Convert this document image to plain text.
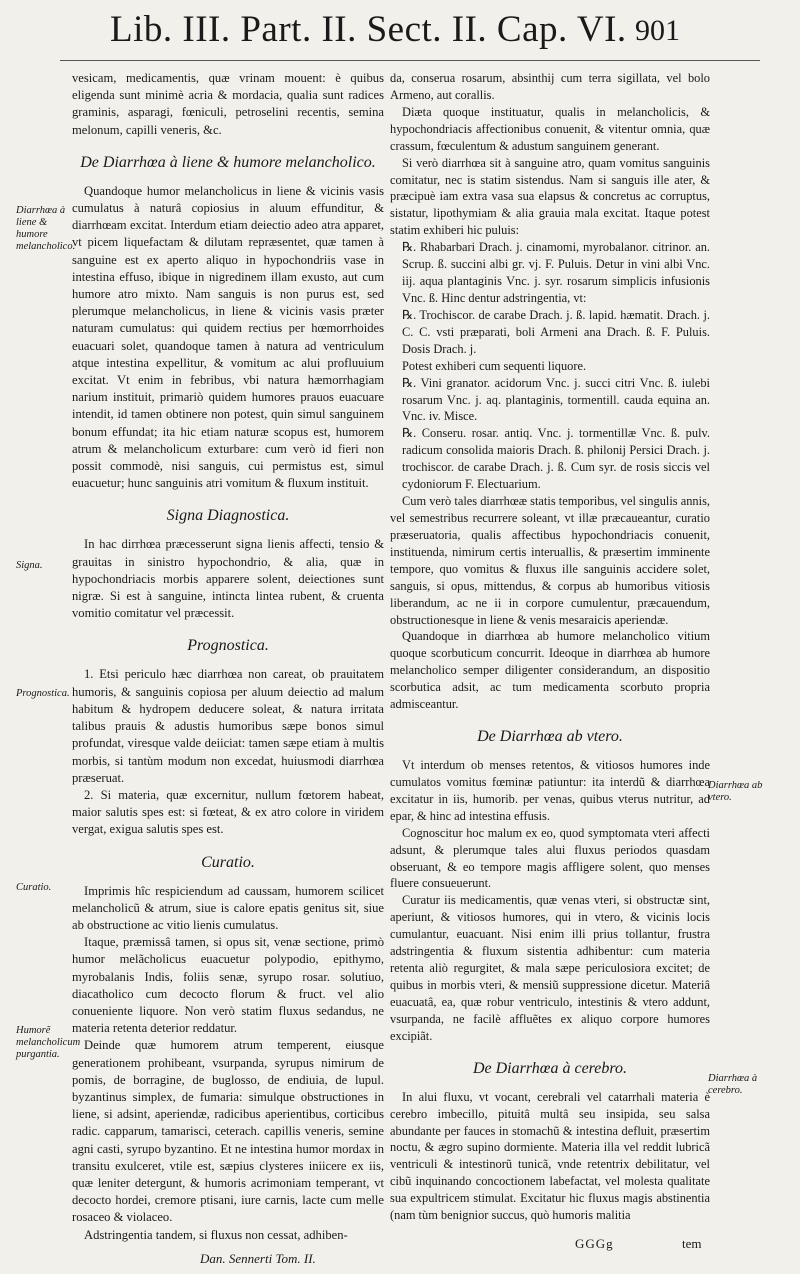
Lib. III. Part. II. Sect. II. Cap. VI. 901

vesicam, medicamentis, quæ vrinam mouent: è quibus eligenda sunt minimè acria & mordacia, qualia sunt radices graminis, asparagi, fœniculi, petroselini recentis, semina melonum, capilli veneris, &c.

De Diarrhœa à liene & humore melancholico.

Quandoque humor melancholicus in liene & vicinis vasis cumulatus à naturâ copiosius in aluum effunditur, & diarrhœam excitat. Interdum etiam deiectio adeo atra apparet, vt picem liquefactam & dilutam repræsentet, quæ tamen à sanguine est ex aperto aliquo in hypochondriis vase in intestina effuso, ibique in nigredinem illam exusto, aut cum humore atro mixto. Nam sanguis is non purus est, sed plerumque melancholicus, in liene & vicinis vasis præter naturam cumulatus: qui quidem rectius per hœmorrhoides euacuari solet, quandoque tamen à natura ad ventriculum atque intestina expellitur, & vomitum ac alui profluuium excitat. Vt enim in febribus, vbi natura hæmorrhagiam narium instituit, primariò quidem humores prauos euacuare intendit, id tamen obtinere non potest, quin simul sanguinem bonum effundat; ita hic etiam naturæ scopus est, humorem atrum & melancholicum exturbare: cum verò id fieri non possit commodè, nisi sanguis, cui permistus est, simul euacuetur; hunc sanguinis atri vomitum & fluxum instituit.

Signa Diagnostica.

In hac dirrhœa præcesserunt signa lienis affecti, tensio & grauitas in sinistro hypochondrio, & alia, quæ in hypochondriacis morbis apparere solent, deiectiones sunt nigræ. Si est à sanguine, intincta lintea rubent, & cruenta vomitio comitatur vel præcessit.

Prognostica.

1. Etsi periculo hæc diarrhœa non careat, ob prauitatem humoris, & sanguinis copiosa per aluum deiectio ad malum habitum & hydropem deducere soleat, & natura irritata talibus prauis & adustis humoribus sæpe bonos simul profundat, viresque valde deiiciat: tamen sæpe etiam à multis morbis, si tantùm modum non excedat, huiusmodi diarrhœa præseruat.

2. Si materia, quæ excernitur, nullum fœtorem habeat, maior salutis spes est: si fœteat, & ex atro colore in viridem vergat, exigua salutis spes est.

Curatio.

Imprimis hîc respiciendum ad caussam, humorem scilicet melancholicũ & atrum, siue is calore epatis genitus sit, siue ab obstructione ac vitio lienis cumulatus.

Itaque, præmissâ tamen, si opus sit, venæ sectione, primò humor melãcholicus euacuetur polypodio, epithymo, myrobalanis Indis, foliis senæ, syrupo rosar. solutiuo, diacatholico cum decocto florum & fruct. vel alio conueniente liquore. Non verò statim fluxus sedandus, ne materia retenta deterior reddatur.

Deinde quæ humorem atrum temperent, eiusque generationem prohibeant, vsurpanda, syrupus nimirum de pomis, de borragine, de buglosso, de endiuia, de lupul. byzantinus simplex, de fumaria: simulque obstructiones in liene, si adsint, aperiendæ, radicibus aperientibus, corticibus radic. capparum, tamarisci, ceterach. capillis veneris, semine agni casti, syrupo byzantino. Et ne intestina humor mordax in transitu exulceret, vtile est, sæpius clysteres iniicere ex iis, quæ leniter detergunt, & humoris acrimoniam temperant, vt decocto hordei, cremore ptisani, iure carnis, lacte cum melle rosaceo & violaceo.

Adstringentia tandem, si fluxus non cessat, adhiben-

da, conserua rosarum, absinthij cum terra sigillata, vel bolo Armeno, aut corallis.

Diæta quoque instituatur, qualis in melancholicis, & hypochondriacis affectionibus conuenit, & vitentur omnia, quæ crassum, fœculentum & adustum sanguinem generant.

Si verò diarrhœa sit à sanguine atro, quam vomitus sanguinis comitatur, nec is statim sistendus. Nam si sanguis ille ater, & præcipuè iam extra vasa sua elapsus & concretus ac corruptus, sistatur, lipothymiam & alia grauia mala excitat. Itaque potest statim exhiberi hic puluis:

℞. Rhabarbari Drach. j. cinamomi, myrobalanor. citrinor. an. Scrup. ß. succini albi gr. vj. F. Puluis. Detur in vini albi Vnc. iij. aqua plantaginis Vnc. j. syr. rosarum simplicis infusionis Vnc. ß. Hinc dentur adstringentia, vt:

℞. Trochiscor. de carabe Drach. j. ß. lapid. hæmatit. Drach. j. C. C. vsti præparati, boli Armeni ana Drach. ß. F. Puluis. Dosis Drach. j.

Potest exhiberi cum sequenti liquore.

℞. Vini granator. acidorum Vnc. j. succi citri Vnc. ß. iulebi rosarum Vnc. j. aq. plantaginis, tormentill. cauda equina an. Vnc. iv. Misce.

℞. Conseru. rosar. antiq. Vnc. j. tormentillæ Vnc. ß. pulv. radicum consolida maioris Drach. ß. philonij Persici Drach. j. trochiscor. de carabe Drach. j. ß. Cum syr. de rosis siccis vel cydoniorum F. Electuarium.

Cum verò tales diarrhœæ statis temporibus, vel singulis annis, vel semestribus recurrere soleant, vt illæ præcaueantur, curatio præseruatoria, qualis affectibus hypochondriacis conuenit, instituenda, nimirum certis interuallis, & præsertim imminente tempore, quo vomitus & fluxus ille sanguinis accidere solet, sanguis, si opus, mittendus, & corpus ab humoribus vitiosis liberandum, ac ne ii in corpore cumulentur, præcauendum, obstructionesque in liene & venis mesaraicis aperiendæ.

Quandoque in diarrhœa ab humore melancholico vitium quoque scorbuticum concurrit. Ideoque in diarrhœa ab humore melancholico semper diligenter considerandum, an dispositio scorbutica adsit, ac tum medicamenta scorbuto propria admisceantur.

De Diarrhœa ab vtero.

Vt interdum ob menses retentos, & vitiosos humores inde cumulatos vomitus fœminæ patiuntur: ita interdũ & diarrhœa excitatur in iis, humorib. per venas, quibus vterus nutritur, ad epar, & hinc ad intestina effusis.

Cognoscitur hoc malum ex eo, quod symptomata vteri affecti adsunt, & plerumque tales alui fluxus periodos quasdam obseruant, & eo tempore magis affligere solent, quo menses fluere consueuerunt.

Curatur iis medicamentis, quæ venas vteri, si obstructæ sint, aperiunt, & vitiosos humores, qui in vtero, & vicinis locis cumulantur, euacuant. Nisi enim illi prius tollantur, frustra adstringentia & fluxum sistentia adhibentur: cum materia retenta aliò regurgitet, & mala sæpe periculosiora excitet; de quibus in morbis vteri, & mensiũ suppressione dicetur. Materiâ euacuatâ, ea, quæ robur ventriculo, intestinis & vtero addunt, vsurpanda, ne facilè affluẽtes ex aliquo corpore humores excipiãt.

De Diarrhœa à cerebro.

In alui fluxu, vt vocant, cerebrali vel catarrhali materia è cerebro imbecillo, pituitâ multâ seu insipida, seu salsa abundante per fauces in stomachũ & intestina defluit, præsertim noctu, & ægro supino dormiente. Materia illa vel reddit lubricã ventriculi & intestinorũ tunicã, vnde retentrix debilitatur, vel cibũ inquinando concoctionem labefactat, vel molesta qualitate sua expultricem stimulat. Excitatur hic fluxus magis abstinentia (nam tùm benignior succus, quò humoris malitia

Diarrhœa à liene & humore melancholico.
Signa.
Prognostica.
Curatio.
Humorẽ melancholicum purgantia.
Diarrhœa ab vtero.
Diarrhœa à cerebro.
Dan. Sennerti Tom. II.
GGGg	tem
